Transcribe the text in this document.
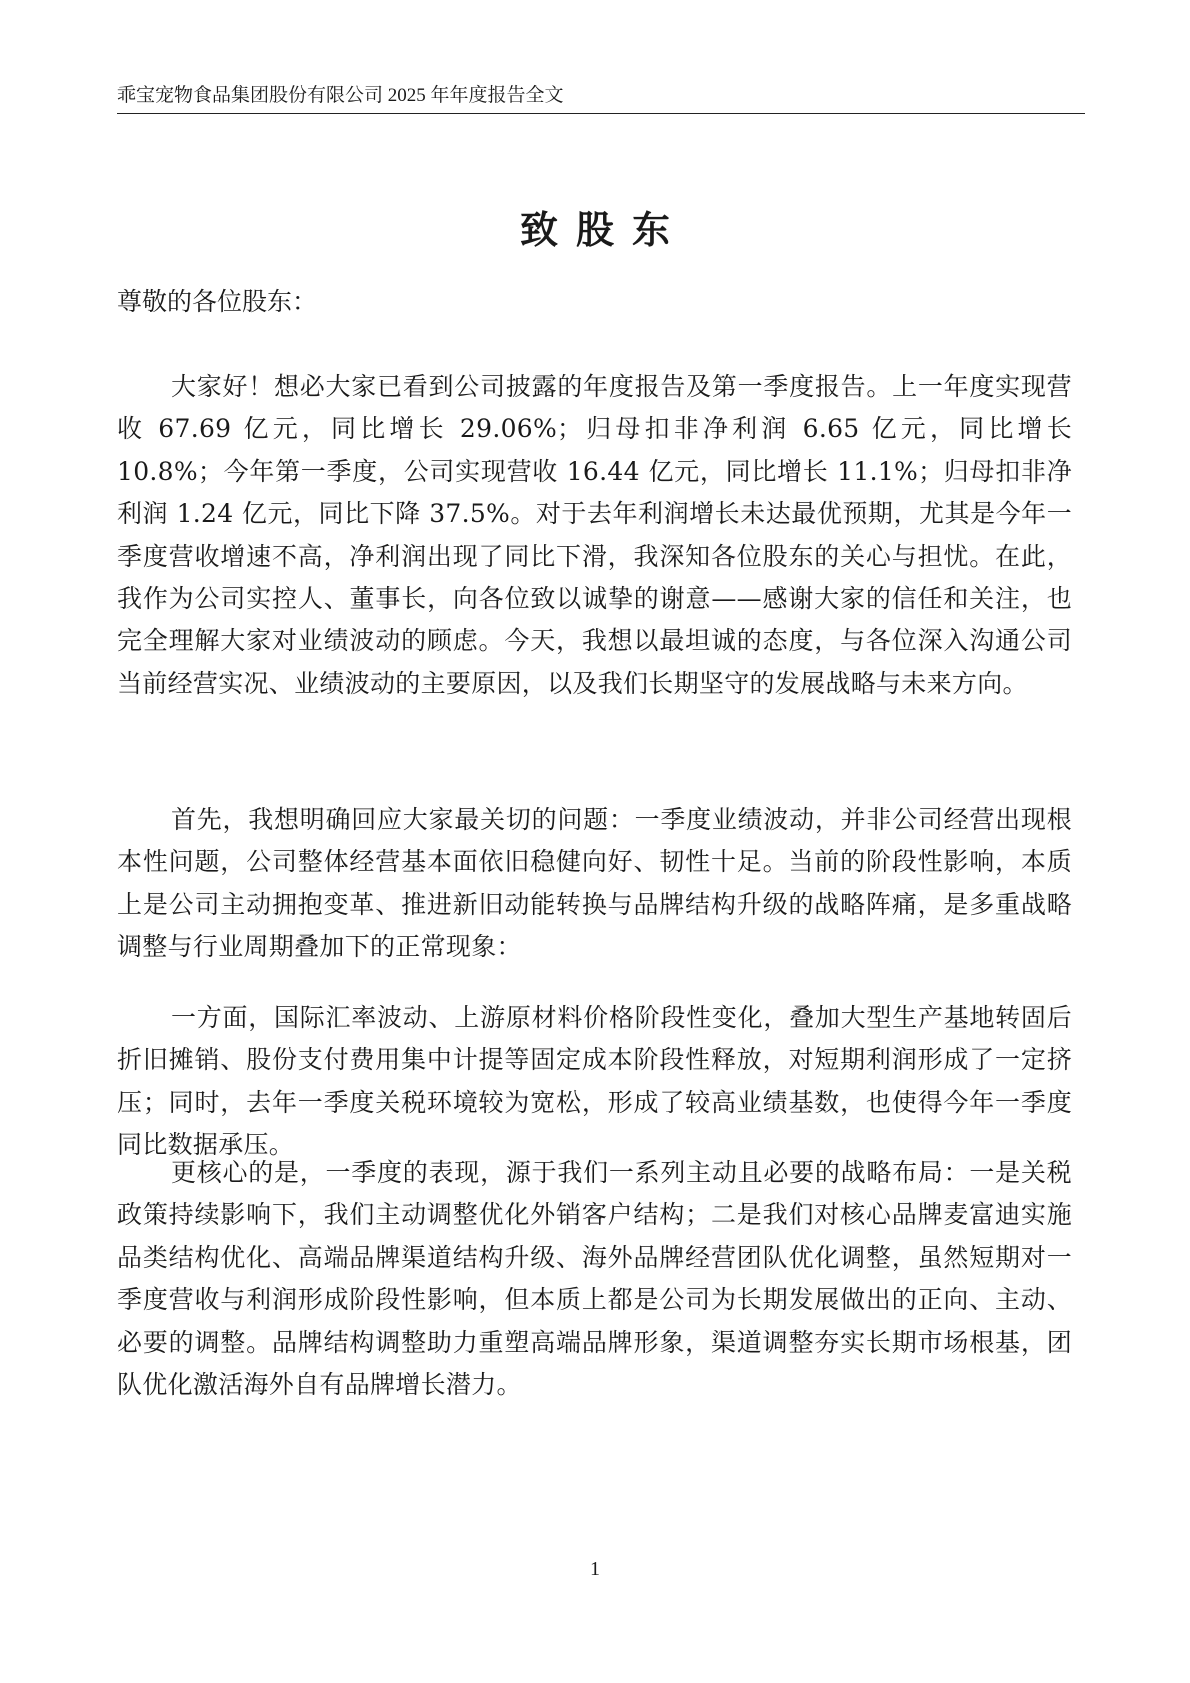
乖宝宠物食品集团股份有限公司 2025 年年度报告全文
致股东
尊敬的各位股东：

大家好！想必大家已看到公司披露的年度报告及第一季度报告。上一年度实现营收 67.69 亿元，同比增长 29.06%；归母扣非净利润 6.65 亿元，同比增长 10.8%；今年第一季度，公司实现营收 16.44 亿元，同比增长 11.1%；归母扣非净利润 1.24 亿元，同比下降 37.5%。对于去年利润增长未达最优预期，尤其是今年一季度营收增速不高，净利润出现了同比下滑，我深知各位股东的关心与担忧。在此，我作为公司实控人、董事长，向各位致以诚挚的谢意——感谢大家的信任和关注，也完全理解大家对业绩波动的顾虑。今天，我想以最坦诚的态度，与各位深入沟通公司当前经营实况、业绩波动的主要原因，以及我们长期坚守的发展战略与未来方向。

首先，我想明确回应大家最关切的问题：一季度业绩波动，并非公司经营出现根本性问题，公司整体经营基本面依旧稳健向好、韧性十足。当前的阶段性影响，本质上是公司主动拥抱变革、推进新旧动能转换与品牌结构升级的战略阵痛，是多重战略调整与行业周期叠加下的正常现象：

一方面，国际汇率波动、上游原材料价格阶段性变化，叠加大型生产基地转固后折旧摊销、股份支付费用集中计提等固定成本阶段性释放，对短期利润形成了一定挤压；同时，去年一季度关税环境较为宽松，形成了较高业绩基数，也使得今年一季度同比数据承压。

更核心的是，一季度的表现，源于我们一系列主动且必要的战略布局：一是关税政策持续影响下，我们主动调整优化外销客户结构；二是我们对核心品牌麦富迪实施品类结构优化、高端品牌渠道结构升级、海外品牌经营团队优化调整，虽然短期对一季度营收与利润形成阶段性影响，但本质上都是公司为长期发展做出的正向、主动、必要的调整。品牌结构调整助力重塑高端品牌形象，渠道调整夯实长期市场根基，团队优化激活海外自有品牌增长潜力。

1
